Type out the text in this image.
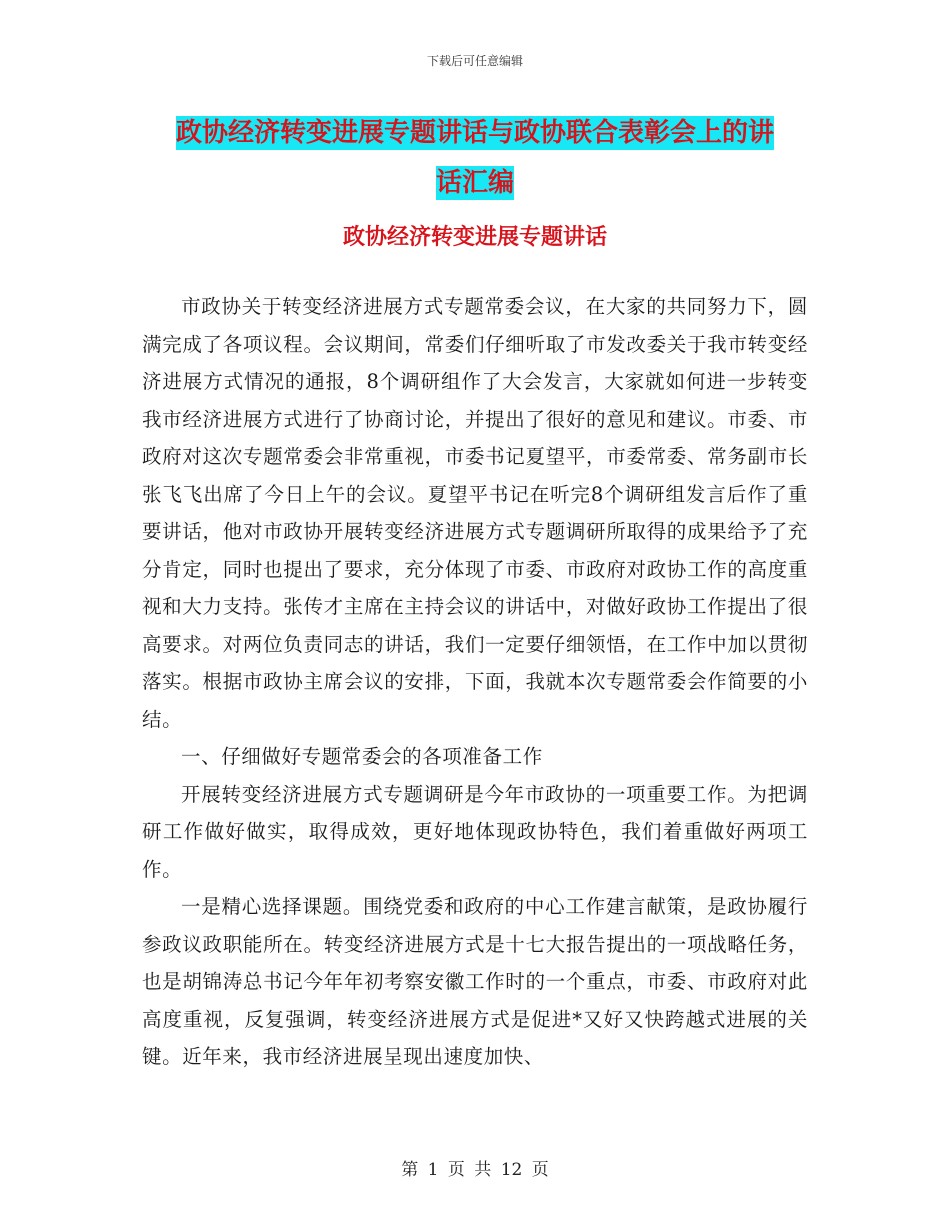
下载后可任意编辑
政协经济转变进展专题讲话与政协联合表彰会上的讲
话汇编
政协经济转变进展专题讲话

市政协关于转变经济进展方式专题常委会议，在大家的共同努力下，圆满完成了各项议程。会议期间，常委们仔细听取了市发改委关于我市转变经济进展方式情况的通报，8个调研组作了大会发言，大家就如何进一步转变我市经济进展方式进行了协商讨论，并提出了很好的意见和建议。市委、市政府对这次专题常委会非常重视，市委书记夏望平，市委常委、常务副市长张飞飞出席了今日上午的会议。夏望平书记在听完8个调研组发言后作了重要讲话，他对市政协开展转变经济进展方式专题调研所取得的成果给予了充分肯定，同时也提出了要求，充分体现了市委、市政府对政协工作的高度重视和大力支持。张传才主席在主持会议的讲话中，对做好政协工作提出了很高要求。对两位负责同志的讲话，我们一定要仔细领悟，在工作中加以贯彻落实。根据市政协主席会议的安排，下面，我就本次专题常委会作简要的小结。

一、仔细做好专题常委会的各项准备工作

开展转变经济进展方式专题调研是今年市政协的一项重要工作。为把调研工作做好做实，取得成效，更好地体现政协特色，我们着重做好两项工作。

一是精心选择课题。围绕党委和政府的中心工作建言献策，是政协履行参政议政职能所在。转变经济进展方式是十七大报告提出的一项战略任务，也是胡锦涛总书记今年年初考察安徽工作时的一个重点，市委、市政府对此高度重视，反复强调，转变经济进展方式是促进*又好又快跨越式进展的关键。近年来，我市经济进展呈现出速度加快、

第 1 页 共 12 页
